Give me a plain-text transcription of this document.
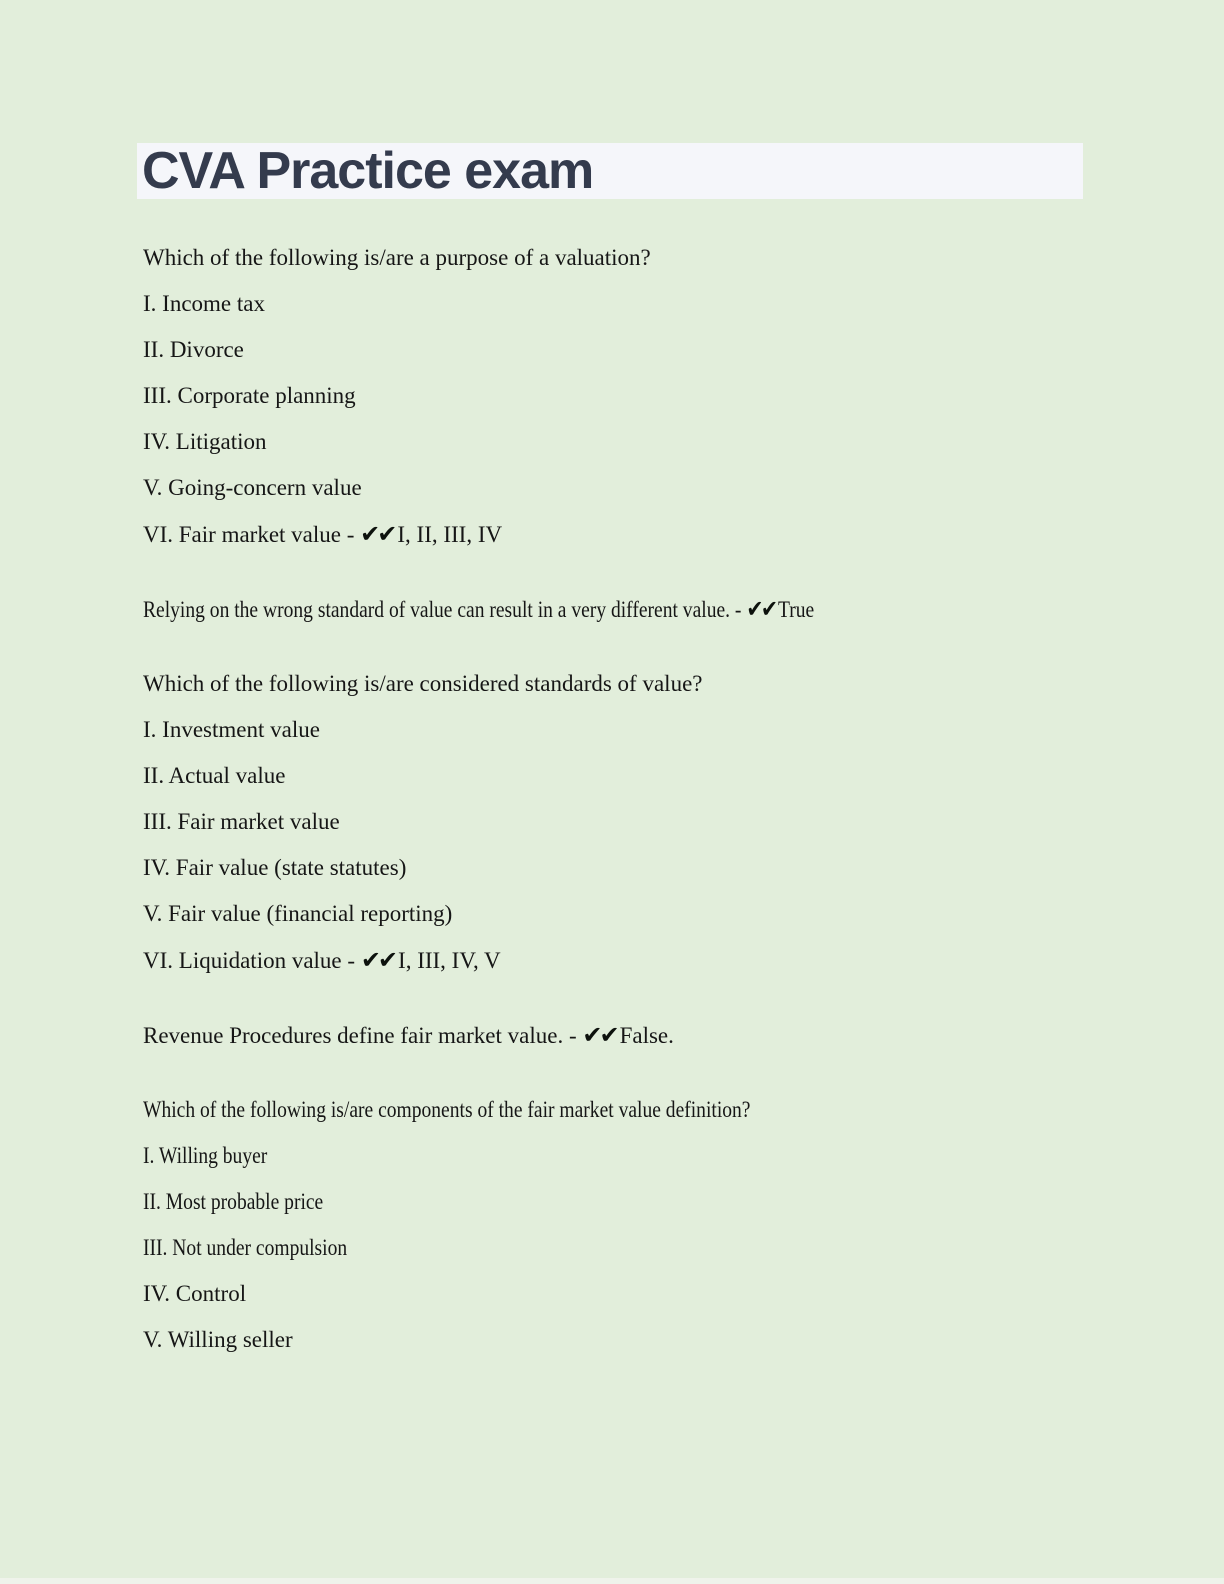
CVA Practice exam

Which of the following is/are a purpose of a valuation?

I. Income tax

II. Divorce

III. Corporate planning

IV. Litigation

V. Going-concern value

VI. Fair market value - ✔✔ I, II, III, IV

Relying on the wrong standard of value can result in a very different value. - ✔✔ True

Which of the following is/are considered standards of value?

I. Investment value

II. Actual value

III. Fair market value

IV. Fair value (state statutes)

V. Fair value (financial reporting)

VI. Liquidation value - ✔✔ I, III, IV, V

Revenue Procedures define fair market value. - ✔✔ False.

Which of the following is/are components of the fair market value definition?

I. Willing buyer

II. Most probable price

III. Not under compulsion

IV. Control

V. Willing seller
